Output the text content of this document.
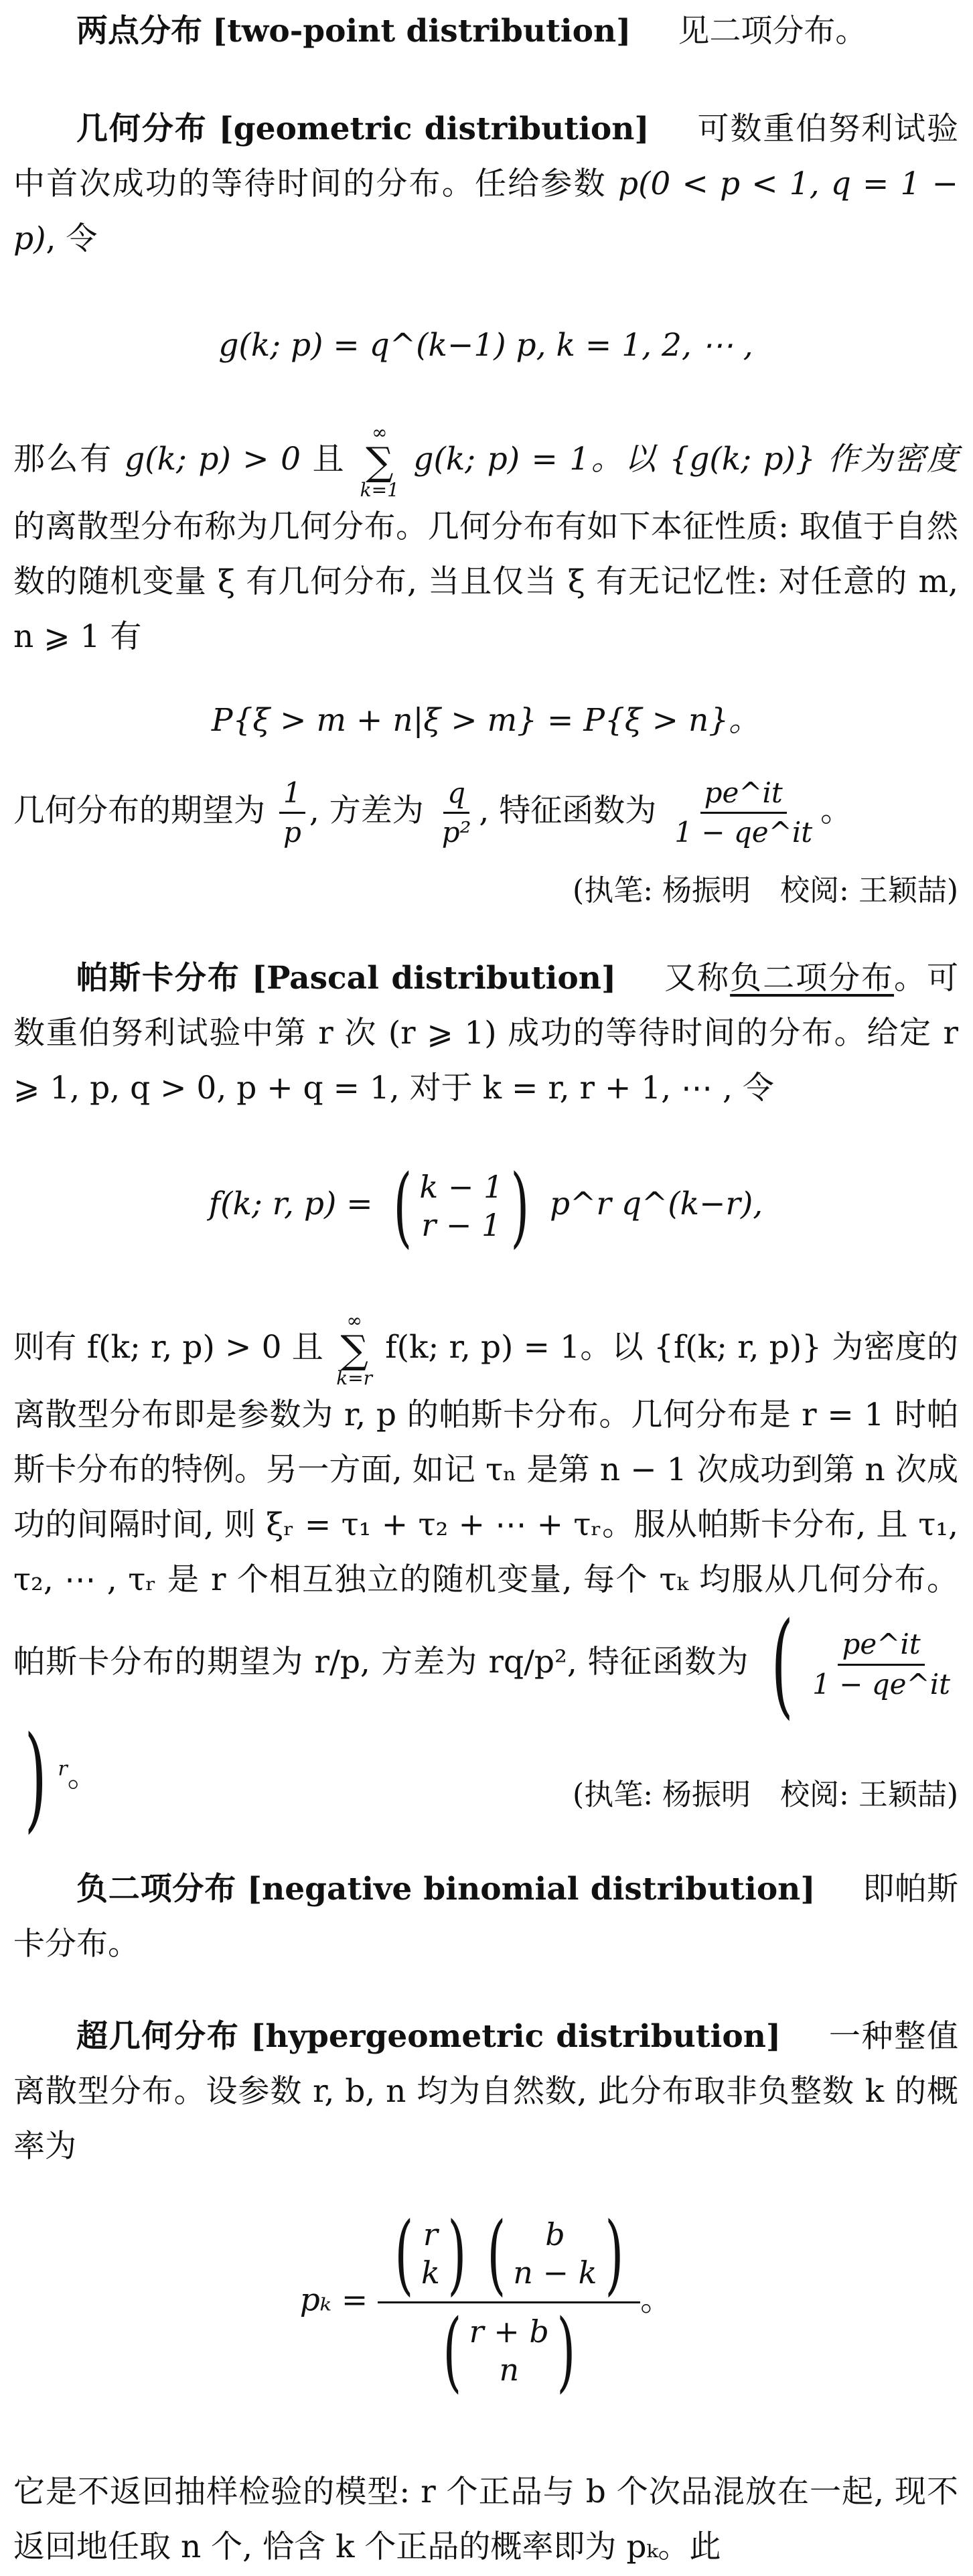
两点分布 [two-point distribution] 见二项分布。

几何分布 [geometric distribution] 可数重伯努利试验中首次成功的等待时间的分布。任给参数 p(0 < p < 1, q = 1 − p), 令

g(k; p) = q^(k−1) p, k = 1, 2, ⋯ ,

那么有 g(k; p) > 0 且
∞
∑
k=1
g(k; p) = 1。以 {g(k; p)} 作为密度 的离散型分布称为几何分布。几何分布有如下本征性质: 取值于自然数的随机变量 ξ 有几何分布, 当且仅当 ξ 有无记忆性: 对任意的 m, n ⩾ 1 有

P{ξ > m + n|ξ > m} = P{ξ > n}。

几何分布的期望为 $\frac{1}{p}$ , 方差为 $\frac{q}{\text{p²}}$ , 特征函数为 $\frac{pe\^{}it}{1 - qe\^{}it}$ 。

(执笔: 杨振明　校阅: 王颖喆)

帕斯卡分布 [Pascal distribution] 又称负二项分布。可数重伯努利试验中第 r 次 (r ⩾ 1) 成功的等待时间的分布。给定 r ⩾ 1, p, q > 0, p + q = 1, 对于 k = r, r + 1, ⋯ , 令

f(k; r, p) = ( k − 1
r − 1 ) p^r q^(k−r),

则有 f(k; r, p) > 0 且
∞
∑
k=r
f(k; r, p) = 1。以 {f(k; r, p)} 为密度的离散型分布即是参数为 r, p 的帕斯卡分布。几何分布是 r = 1 时帕斯卡分布的特例。另一方面, 如记 τₙ 是第 n − 1 次成功到第 n 次成功的间隔时间, 则 ξᵣ = τ₁ + τ₂ + ⋯ + τᵣ。服从帕斯卡分布, 且 τ₁, τ₂, ⋯ , τᵣ 是 r 个相互独立的随机变量, 每个 τₖ 均服从几何分布。帕斯卡分布的期望为 r/p, 方差为 rq/p², 特征函数为 ( $\frac{pe\^{}it}{1 - qe\^{}it}$
) $^r$。

(执笔: 杨振明　校阅: 王颖喆)

负二项分布 [negative binomial distribution] 即帕斯卡分布。

超几何分布 [hypergeometric distribution] 一种整值离散型分布。设参数 r, b, n 均为自然数, 此分布取非负整数 k 的概率为

pₖ = ( r
k ) ( b
n − k )
( r + b
n ) 。

它是不返回抽样检验的模型: r 个正品与 b 个次品混放在一起, 现不返回地任取 n 个, 恰含 k 个正品的概率即为 pₖ。此
